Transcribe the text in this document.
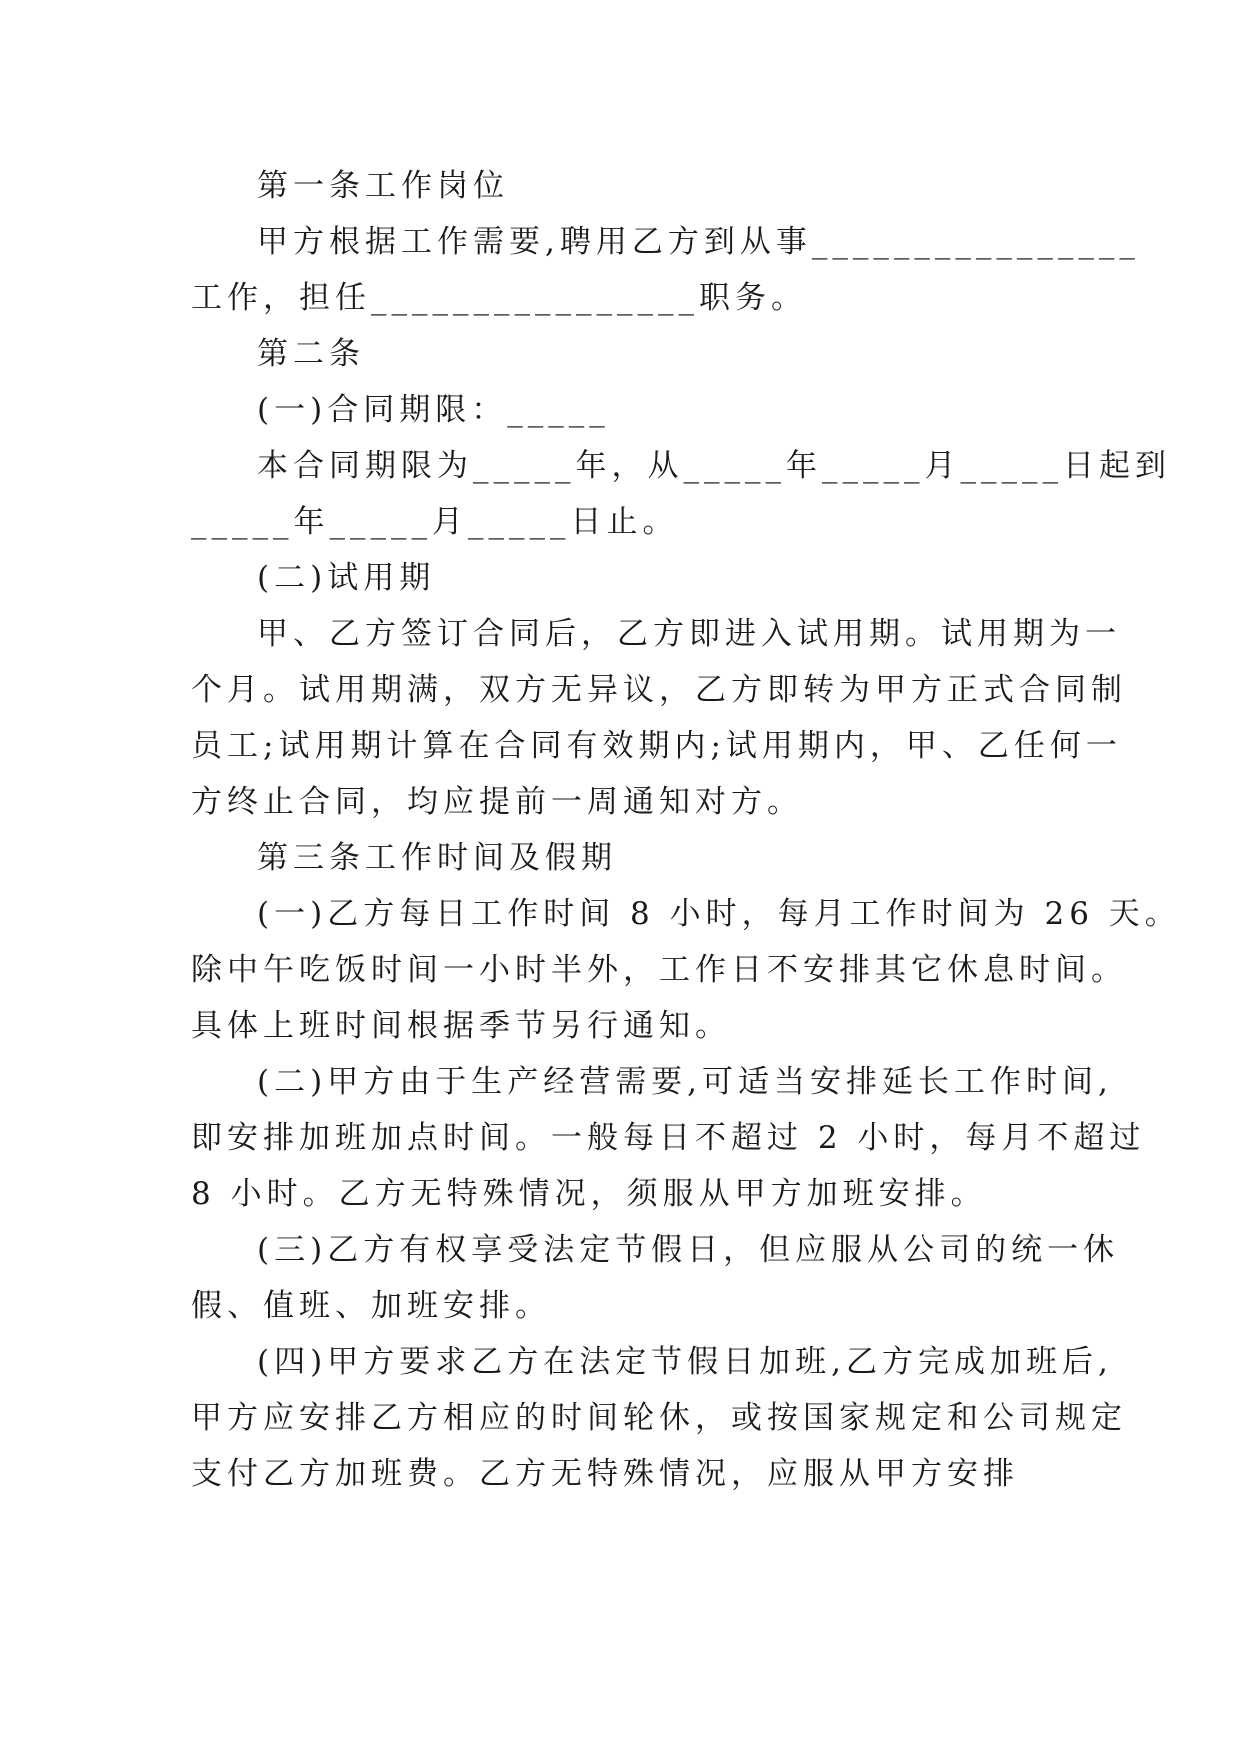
第一条工作岗位
甲方根据工作需要,聘用乙方到从事________________
工作，担任________________职务。
第二条
(一)合同期限：_____
本合同期限为_____年，从_____年_____月_____日起到
_____年_____月_____日止。
(二)试用期
甲、乙方签订合同后，乙方即进入试用期。试用期为一
个月。试用期满，双方无异议，乙方即转为甲方正式合同制
员工;试用期计算在合同有效期内;试用期内，甲、乙任何一
方终止合同，均应提前一周通知对方。
第三条工作时间及假期
(一)乙方每日工作时间 8 小时，每月工作时间为 26 天。
除中午吃饭时间一小时半外，工作日不安排其它休息时间。
具体上班时间根据季节另行通知。
(二)甲方由于生产经营需要,可适当安排延长工作时间,
即安排加班加点时间。一般每日不超过 2 小时，每月不超过
8 小时。乙方无特殊情况，须服从甲方加班安排。
(三)乙方有权享受法定节假日，但应服从公司的统一休
假、值班、加班安排。
(四)甲方要求乙方在法定节假日加班,乙方完成加班后,
甲方应安排乙方相应的时间轮休，或按国家规定和公司规定
支付乙方加班费。乙方无特殊情况，应服从甲方安排
